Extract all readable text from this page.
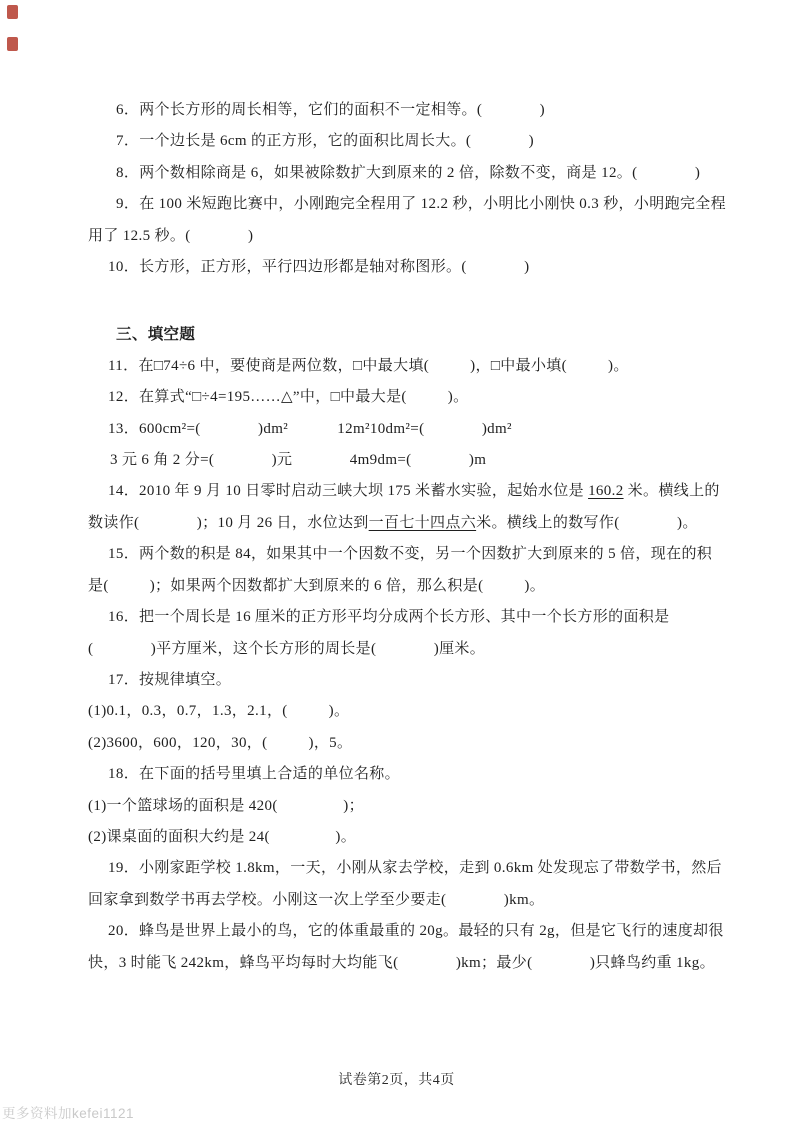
6．两个长方形的周长相等，它们的面积不一定相等。(              )
7．一个边长是 6cm 的正方形，它的面积比周长大。(              )
8．两个数相除商是 6，如果被除数扩大到原来的 2 倍，除数不变，商是 12。(              )
9．在 100 米短跑比赛中，小刚跑完全程用了 12.2 秒，小明比小刚快 0.3 秒，小明跑完全程
用了 12.5 秒。(              )
10．长方形，正方形，平行四边形都是轴对称图形。(              )
三、填空题
11．在□74÷6 中，要使商是两位数，□中最大填(          )，□中最小填(          )。
12．在算式“□÷4=195……△”中，□中最大是(          )。
13．600cm²=(              )dm²            12m²10dm²=(              )dm²
3 元 6 角 2 分=(              )元              4m9dm=(              )m
14．2010 年 9 月 10 日零时启动三峡大坝 175 米蓄水实验，起始水位是 160.2 米。横线上的
数读作(              )；10 月 26 日，水位达到一百七十四点六米。横线上的数写作(              )。
15．两个数的积是 84，如果其中一个因数不变，另一个因数扩大到原来的 5 倍，现在的积
是(          )；如果两个因数都扩大到原来的 6 倍，那么积是(          )。
16．把一个周长是 16 厘米的正方形平均分成两个长方形、其中一个长方形的面积是
(              )平方厘米，这个长方形的周长是(              )厘米。
17．按规律填空。
(1)0.1，0.3，0.7，1.3，2.1，(          )。
(2)3600，600，120，30，(          )，5。
18．在下面的括号里填上合适的单位名称。
(1)一个篮球场的面积是 420(                )；
(2)课桌面的面积大约是 24(                )。
19．小刚家距学校 1.8km，一天，小刚从家去学校，走到 0.6km 处发现忘了带数学书，然后
回家拿到数学书再去学校。小刚这一次上学至少要走(              )km。
20．蜂鸟是世界上最小的鸟，它的体重最重的 20g。最轻的只有 2g，但是它飞行的速度却很
快，3 时能飞 242km，蜂鸟平均每时大均能飞(              )km；最少(              )只蜂鸟约重 1kg。
试卷第2页，共4页
更多资料加kefei1121
